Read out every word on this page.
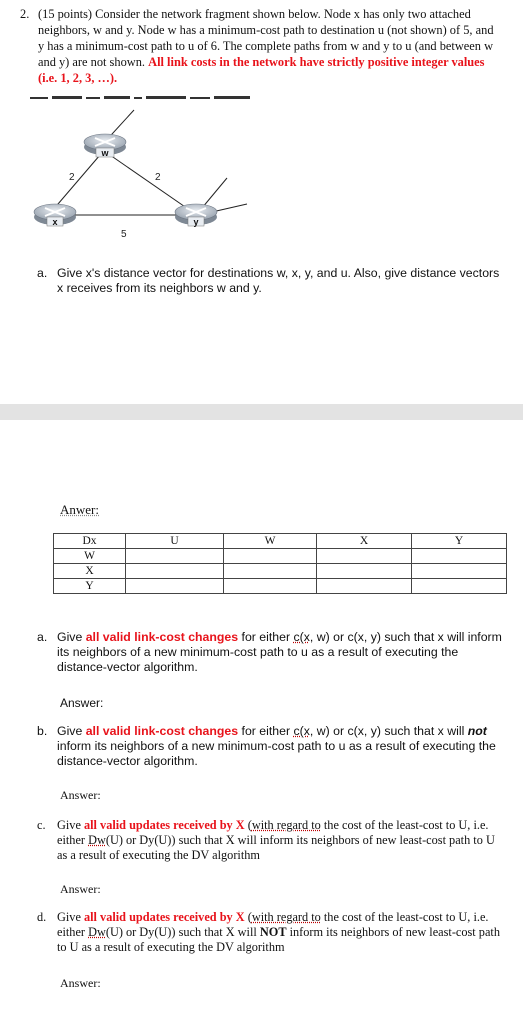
2. (15 points) Consider the network fragment shown below. Node x has only two attached neighbors, w and y. Node w has a minimum-cost path to destination u (not shown) of 5, and y has a minimum-cost path to u of 6. The complete paths from w and y to u (and between w and y) are not shown. All link costs in the network have strictly positive integer values (i.e. 1, 2, 3, …).
w
x	y
2	2
5
a. Give x's distance vector for destinations w, x, y, and u. Also, give distance vectors x receives from its neighbors w and y.
Anwer:
Dx	U	W	X	Y
W				
X				
Y				
a. Give all valid link-cost changes for either c(x, w) or c(x, y) such that x will inform its neighbors of a new minimum-cost path to u as a result of executing the distance-vector algorithm.
Answer:
b. Give all valid link-cost changes for either c(x, w) or c(x, y) such that x will not inform its neighbors of a new minimum-cost path to u as a result of executing the distance-vector algorithm.
Answer:
c. Give all valid updates received by X (with regard to the cost of the least-cost to U, i.e. either Dw(U) or Dy(U)) such that X will inform its neighbors of new least-cost path to U as a result of executing the DV algorithm
Answer:
d. Give all valid updates received by X (with regard to the cost of the least-cost to U, i.e. either Dw(U) or Dy(U)) such that X will NOT inform its neighbors of new least-cost path to U as a result of executing the DV algorithm
Answer:
